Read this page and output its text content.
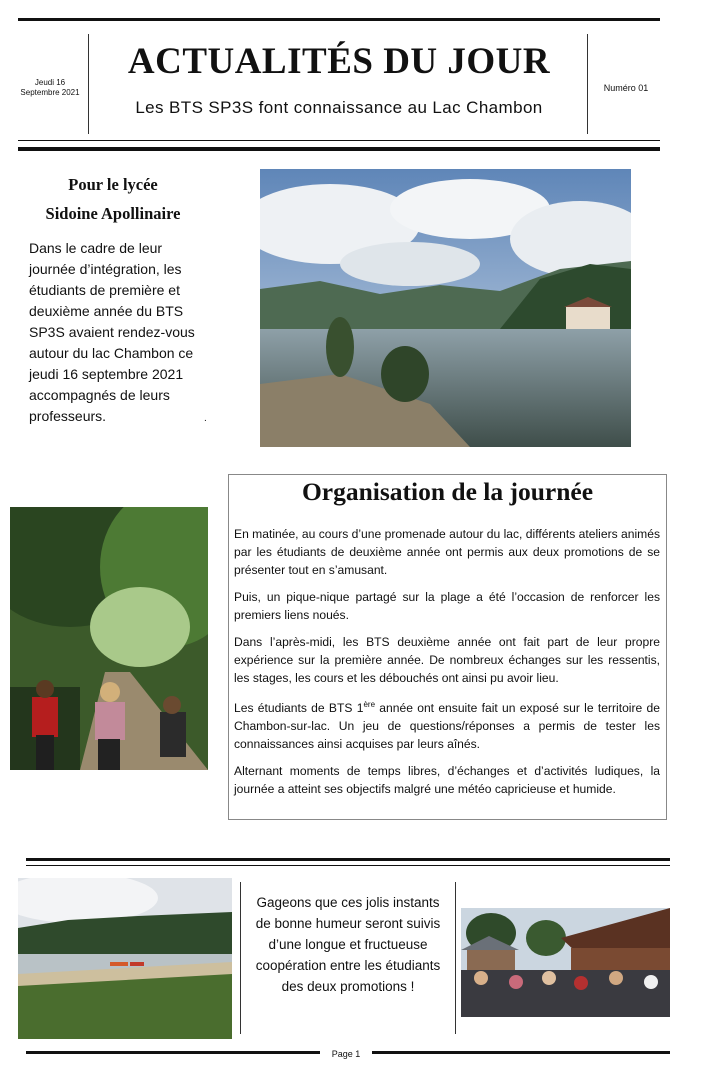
Jeudi 16
Septembre 2021
ACTUALITÉS DU JOUR
Les BTS SP3S font connaissance au Lac Chambon
Numéro 01
Pour le lycée
Sidoine Apollinaire
Dans le cadre de leur journée d’intégration, les étudiants de première et deuxième année du BTS SP3S avaient rendez-vous autour du lac Chambon ce jeudi 16 septembre 2021 accompagnés de leurs professeurs.	.
Organisation de la journée

En matinée, au cours d’une promenade autour du lac, différents ateliers animés par les étudiants de deuxième année ont permis aux deux promotions de se présenter tout en s’amusant.

Puis, un pique-nique partagé sur la plage a été l’occasion de renforcer les premiers liens noués.

Dans l’après-midi, les BTS deuxième année ont fait part de leur propre expérience sur la première année. De nombreux échanges sur les ressentis, les stages, les cours et les débouchés ont ainsi pu avoir lieu.

Les étudiants de BTS 1ère année ont ensuite fait un exposé sur le territoire de Chambon-sur-lac. Un jeu de questions/réponses a permis de tester les connaissances ainsi acquises par leurs aînés.

Alternant moments de temps libres, d’échanges et d’activités ludiques, la journée a atteint ses objectifs malgré une météo capricieuse et humide.

Gageons que ces jolis instants de bonne humeur seront suivis d’une longue et fructueuse coopération entre les étudiants des deux promotions !
Page 1
